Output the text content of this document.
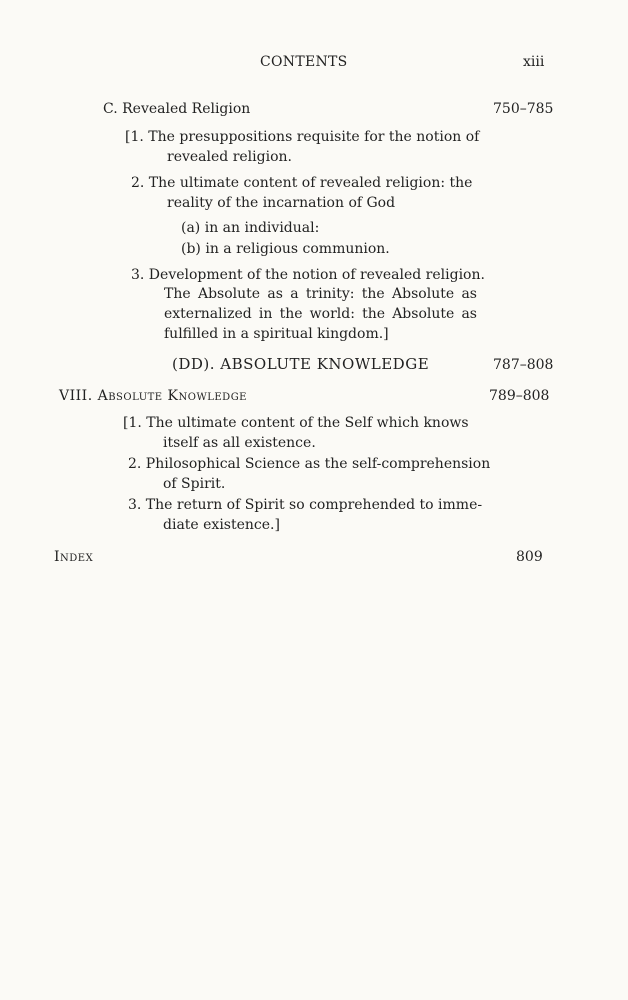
CONTENTS	xiii
C. Revealed Religion	750–785
[1. The presuppositions requisite for the notion of
revealed religion.
2. The ultimate content of revealed religion: the
reality of the incarnation of God
(a) in an individual:
(b) in a religious communion.
3. Development of the notion of revealed religion.
The Absolute as a trinity: the Absolute as
externalized in the world: the Absolute as
fulfilled in a spiritual kingdom.]
(DD). ABSOLUTE KNOWLEDGE	787–808
VIII. Absolute Knowledge	789–808
[1. The ultimate content of the Self which knows
itself as all existence.
2. Philosophical Science as the self-comprehension
of Spirit.
3. The return of Spirit so comprehended to imme-
diate existence.]
Index	809
